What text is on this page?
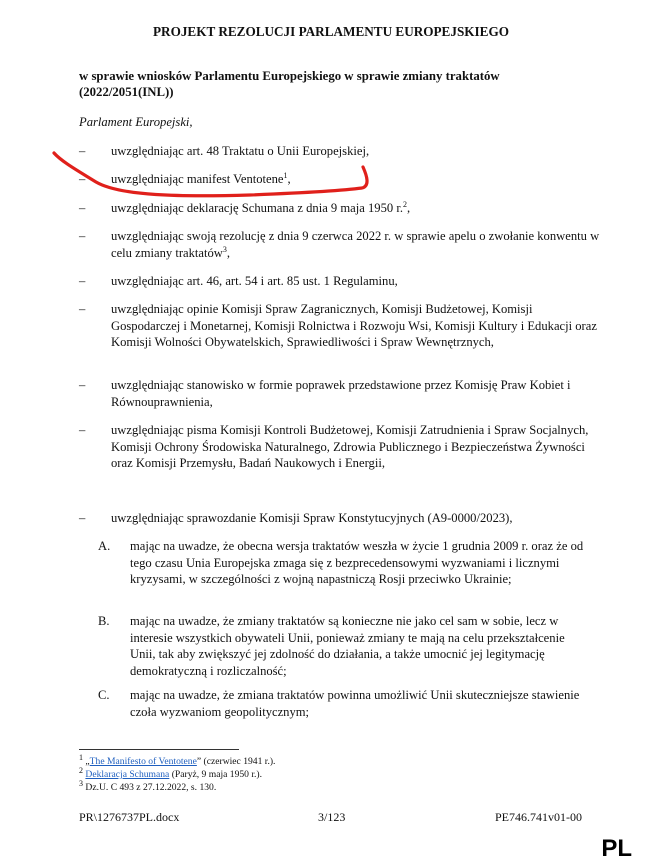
PROJEKT REZOLUCJI PARLAMENTU EUROPEJSKIEGO
w sprawie wniosków Parlamentu Europejskiego w sprawie zmiany traktatów
(2022/2051(INL))
Parlament Europejski,
–	uwzględniając art. 48 Traktatu o Unii Europejskiej,
–	uwzględniając manifest Ventotene$^1$,
–	uwzględniając deklarację Schumana z dnia 9 maja 1950 r.$^2$,
–	uwzględniając swoją rezolucję z dnia 9 czerwca 2022 r. w sprawie apelu o zwołanie konwentu w celu zmiany traktatów$^3$,
–	uwzględniając art. 46, art. 54 i art. 85 ust. 1 Regulaminu,
–	uwzględniając opinie Komisji Spraw Zagranicznych, Komisji Budżetowej, Komisji Gospodarczej i Monetarnej, Komisji Rolnictwa i Rozwoju Wsi, Komisji Kultury i Edukacji oraz Komisji Wolności Obywatelskich, Sprawiedliwości i Spraw Wewnętrznych,
–	uwzględniając stanowisko w formie poprawek przedstawione przez Komisję Praw Kobiet i Równouprawnienia,
–	uwzględniając pisma Komisji Kontroli Budżetowej, Komisji Zatrudnienia i Spraw Socjalnych, Komisji Ochrony Środowiska Naturalnego, Zdrowia Publicznego i Bezpieczeństwa Żywności oraz Komisji Przemysłu, Badań Naukowych i Energii,
–	uwzględniając sprawozdanie Komisji Spraw Konstytucyjnych (A9-0000/2023),
A.	mając na uwadze, że obecna wersja traktatów weszła w życie 1 grudnia 2009 r. oraz że od tego czasu Unia Europejska zmaga się z bezprecedensowymi wyzwaniami i licznymi kryzysami, w szczególności z wojną napastniczą Rosji przeciwko Ukrainie;
B.	mając na uwadze, że zmiany traktatów są konieczne nie jako cel sam w sobie, lecz w interesie wszystkich obywateli Unii, ponieważ zmiany te mają na celu przekształcenie Unii, tak aby zwiększyć jej zdolność do działania, a także umocnić jej legitymację demokratyczną i rozliczalność;
C.	mając na uwadze, że zmiana traktatów powinna umożliwić Unii skuteczniejsze stawienie czoła wyzwaniom geopolitycznym;
$^1$ „The Manifesto of Ventotene” (czerwiec 1941 r.).
$^2$ Deklaracja Schumana (Paryż, 9 maja 1950 r.).
$^3$ Dz.U. C 493 z 27.12.2022, s. 130.
PR\1276737PL.docx	3/123	PE746.741v01-00
PL
